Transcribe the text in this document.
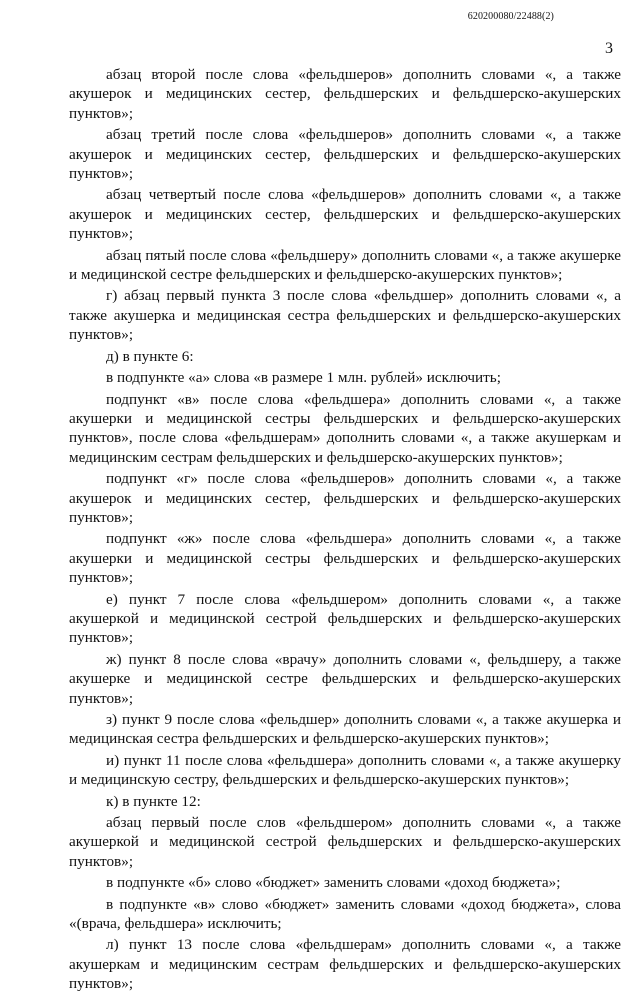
620200080/22488(2)
3

абзац второй после слова «фельдшеров» дополнить словами «, а также акушерок и медицинских сестер, фельдшерских и фельдшерско-акушерских пунктов»;

абзац третий после слова «фельдшеров» дополнить словами «, а также акушерок и медицинских сестер, фельдшерских и фельдшерско-акушерских пунктов»;

абзац четвертый после слова «фельдшеров» дополнить словами «, а также акушерок и медицинских сестер, фельдшерских и фельдшерско-акушерских пунктов»;

абзац пятый после слова «фельдшеру» дополнить словами «, а также акушерке и медицинской сестре фельдшерских и фельдшерско-акушерских пунктов»;

г) абзац первый пункта 3 после слова «фельдшер» дополнить словами «, а также акушерка и медицинская сестра фельдшерских и фельдшерско-акушерских пунктов»;

д) в пункте 6:

в подпункте «а» слова «в размере 1 млн. рублей» исключить;

подпункт «в» после слова «фельдшера» дополнить словами «, а также акушерки и медицинской сестры фельдшерских и фельдшерско-акушерских пунктов», после слова «фельдшерам» дополнить словами «, а также акушеркам и медицинским сестрам фельдшерских и фельдшерско-акушерских пунктов»;

подпункт «г» после слова «фельдшеров» дополнить словами «, а также акушерок и медицинских сестер, фельдшерских и фельдшерско-акушерских пунктов»;

подпункт «ж» после слова «фельдшера» дополнить словами «, а также акушерки и медицинской сестры фельдшерских и фельдшерско-акушерских пунктов»;

е) пункт 7 после слова «фельдшером» дополнить словами «, а также акушеркой и медицинской сестрой фельдшерских и фельдшерско-акушерских пунктов»;

ж) пункт 8 после слова «врачу» дополнить словами «, фельдшеру, а также акушерке и медицинской сестре фельдшерских и фельдшерско-акушерских пунктов»;

з) пункт 9 после слова «фельдшер» дополнить словами «, а также акушерка и медицинская сестра фельдшерских и фельдшерско-акушерских пунктов»;

и) пункт 11 после слова «фельдшера» дополнить словами «, а также акушерку и медицинскую сестру, фельдшерских и фельдшерско-акушерских пунктов»;

к) в пункте 12:

абзац первый после слов «фельдшером» дополнить словами «, а также акушеркой и медицинской сестрой фельдшерских и фельдшерско-акушерских пунктов»;

в подпункте «б» слово «бюджет» заменить словами «доход бюджета»;

в подпункте «в» слово «бюджет» заменить словами «доход бюджета», слова «(врача, фельдшера» исключить;

л) пункт 13 после слова «фельдшерам» дополнить словами «, а также акушеркам и медицинским сестрам фельдшерских и фельдшерско-акушерских пунктов»;
